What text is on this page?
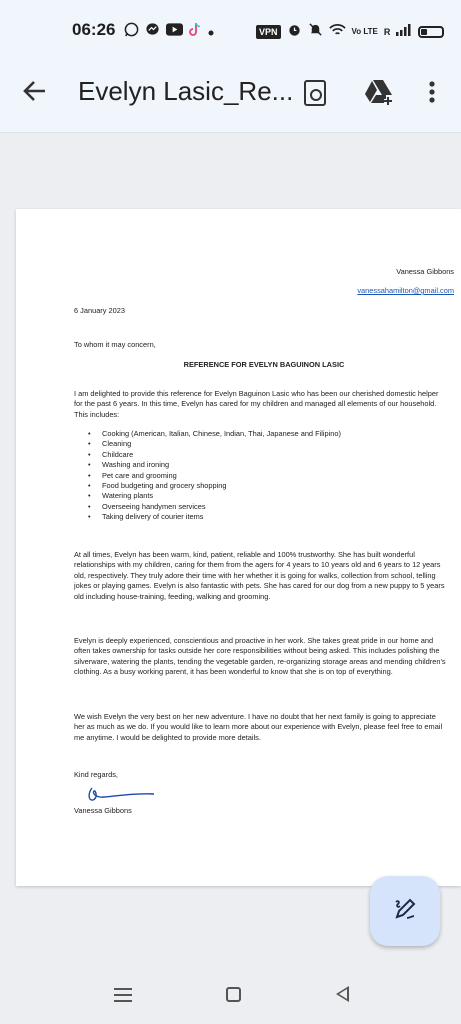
06:26	VPN	Vo LTE R
Evelyn Lasic_Re...
Vanessa Gibbons
vanessahamilton@gmail.com
6 January 2023
To whom it may concern,
REFERENCE FOR EVELYN BAGUINON LASIC
I am delighted to provide this reference for Evelyn Baguinon Lasic who has been our cherished domestic helper for the past 6 years. In this time, Evelyn has cared for my children and managed all elements of our household. This includes:
• Cooking (American, Italian, Chinese, Indian, Thai, Japanese and Filipino)
• Cleaning
• Childcare
• Washing and ironing
• Pet care and grooming
• Food budgeting and grocery shopping
• Watering plants
• Overseeing handymen services
• Taking delivery of courier items
At all times, Evelyn has been warm, kind, patient, reliable and 100% trustworthy. She has built wonderful relationships with my children, caring for them from the agers for 4 years to 10 years old and 6 years to 12 years old, respectively. They truly adore their time with her whether it is going for walks, collection from school, telling jokes or playing games. Evelyn is also fantastic with pets. She has cared for our dog from a new puppy to 5 years old including house-training, feeding, walking and grooming.
Evelyn is deeply experienced, conscientious and proactive in her work. She takes great pride in our home and often takes ownership for tasks outside her core responsibilities without being asked. This includes polishing the silverware, watering the plants, tending the vegetable garden, re-organizing storage areas and mending children's clothing. As a busy working parent, it has been wonderful to know that she is on top of everything.
We wish Evelyn the very best on her new adventure. I have no doubt that her next family is going to appreciate her as much as we do. If you would like to learn more about our experience with Evelyn, please feel free to email me anytime. I would be delighted to provide more details.
Kind regards,
Vanessa Gibbons
